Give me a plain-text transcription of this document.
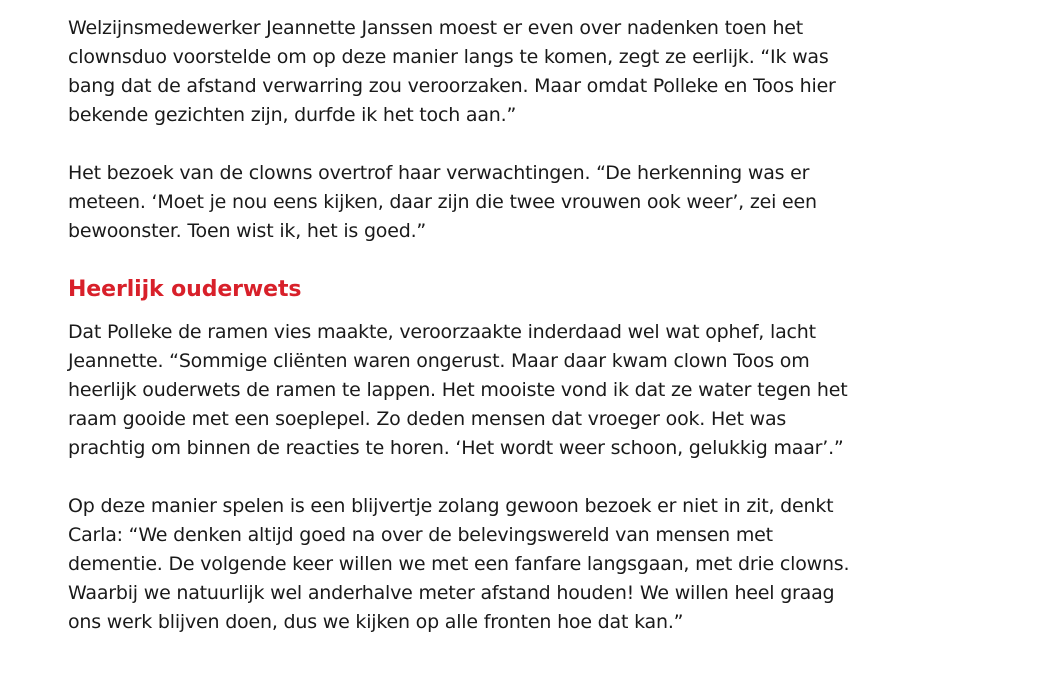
Welzijnsmedewerker Jeannette Janssen moest er even over nadenken toen het clownsduo voorstelde om op deze manier langs te komen, zegt ze eerlijk. “Ik was bang dat de afstand verwarring zou veroorzaken. Maar omdat Polleke en Toos hier bekende gezichten zijn, durfde ik het toch aan.”

Het bezoek van de clowns overtrof haar verwachtingen. “De herkenning was er meteen. ‘Moet je nou eens kijken, daar zijn die twee vrouwen ook weer’, zei een bewoonster. Toen wist ik, het is goed.”

Heerlijk ouderwets

Dat Polleke de ramen vies maakte, veroorzaakte inderdaad wel wat ophef, lacht Jeannette. “Sommige cliënten waren ongerust. Maar daar kwam clown Toos om heerlijk ouderwets de ramen te lappen. Het mooiste vond ik dat ze water tegen het raam gooide met een soeplepel. Zo deden mensen dat vroeger ook. Het was prachtig om binnen de reacties te horen. ‘Het wordt weer schoon, gelukkig maar’.”

Op deze manier spelen is een blijvertje zolang gewoon bezoek er niet in zit, denkt Carla: “We denken altijd goed na over de belevingswereld van mensen met dementie. De volgende keer willen we met een fanfare langsgaan, met drie clowns. Waarbij we natuurlijk wel anderhalve meter afstand houden! We willen heel graag ons werk blijven doen, dus we kijken op alle fronten hoe dat kan.”
